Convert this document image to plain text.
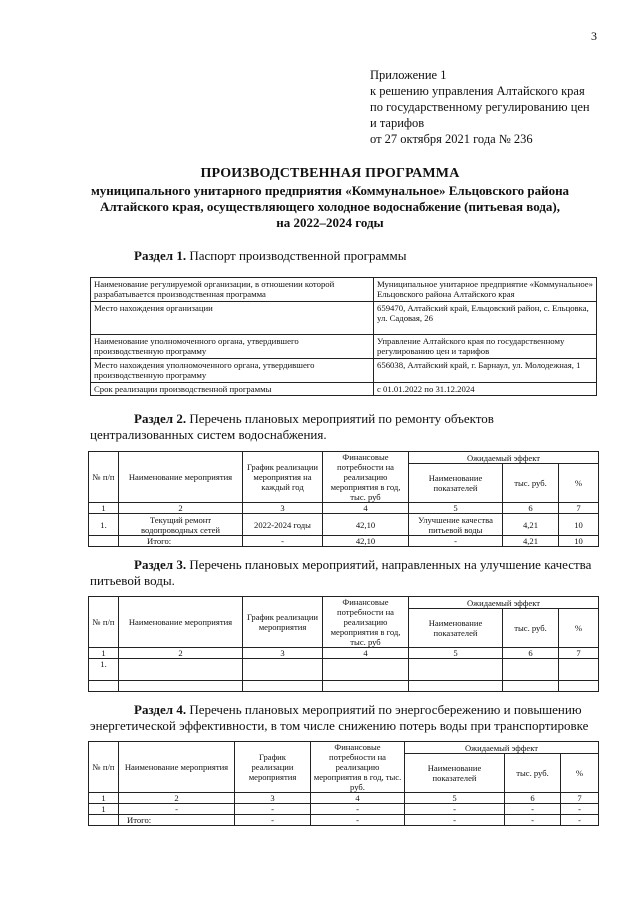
3
Приложение 1
к решению управления Алтайского края
по государственному регулированию цен
и тарифов
от 27 октября 2021 года № 236
ПРОИЗВОДСТВЕННАЯ ПРОГРАММА
муниципального унитарного предприятия «Коммунальное» Ельцовского района
Алтайского края, осуществляющего холодное водоснабжение (питьевая вода),
на 2022–2024 годы
Раздел 1. Паспорт производственной программы
Наименование регулируемой организации, в отношении которой разрабатывается производственная программа	Муниципальное унитарное предприятие «Коммунальное» Ельцовского района Алтайского края
Место нахождения организации	659470, Алтайский край, Ельцовский район, с. Ельцовка, ул. Садовая, 26
Наименование уполномоченного органа, утвердившего производственную программу	Управление Алтайского края по государственному регулированию цен и тарифов
Место нахождения уполномоченного органа, утвердившего производственную программу	656038, Алтайский край, г. Барнаул, ул. Молодежная, 1
Срок реализации производственной программы	с 01.01.2022 по 31.12.2024
Раздел 2. Перечень плановых мероприятий по ремонту объектов централизованных систем водоснабжения.
№ п/п	Наименование мероприятия	График реализации мероприятия на каждый год	Финансовые потребности на реализацию мероприятия в год, тыс. руб	Ожидаемый эффект		
				Наименование показателей	тыс. руб.	%
1	2	3	4	5	6	7
1.	Текущий ремонт водопроводных сетей	2022-2024 годы	42,10	Улучшение качества питьевой воды	4,21	10
	Итого:	-	42,10	-	4,21	10
Раздел 3. Перечень плановых мероприятий, направленных на улучшение качества питьевой воды.
№ п/п	Наименование мероприятия	График реализации мероприятия	Финансовые потребности на реализацию мероприятия в год, тыс. руб	Ожидаемый эффект		
				Наименование показателей	тыс. руб.	%
1	2	3	4	5	6	7
1.						

Раздел 4. Перечень плановых мероприятий по энергосбережению и повышению энергетической эффективности, в том числе снижению потерь воды при транспортировке
№ п/п	Наименование мероприятия	График реализации мероприятия	Финансовые потребности на реализацию мероприятия в год, тыс. руб.	Ожидаемый эффект		
				Наименование показателей	тыс. руб.	%
1	2	3	4	5	6	7
1	-	-	-	-	-	-
	Итого:	-	-	-	-	-
